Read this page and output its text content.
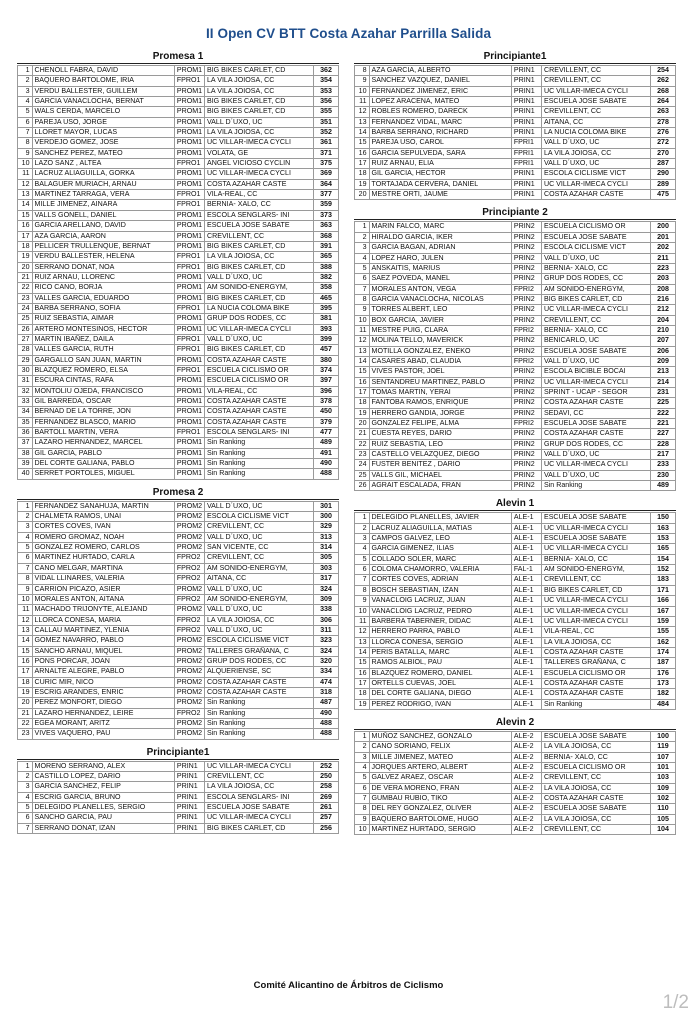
II Open CV BTT Costa Azahar Parrilla Salida
Promesa 1
1	CHENOLL FABRA, DAVID	PROM1	BIG BIKES CARLET, CD	362
2	BAQUERO BARTOLOME, IRIA	FPRO1	LA VILA JOIOSA, CC	354
3	VERDU BALLESTER, GUILLEM	PROM1	LA VILA JOIOSA, CC	353
4	GARCIA VANACLOCHA, BERNAT	PROM1	BIG BIKES CARLET, CD	356
5	WALS CERDA, MARCELO	PROM1	BIG BIKES CARLET, CD	355
6	PAREJA USO, JORGE	PROM1	VALL D´UXO, UC	351
7	LLORET MAYOR, LUCAS	PROM1	LA VILA JOIOSA, CC	352
8	VERDEJO GOMEZ, JOSE	PROM1	UC VILLAR-IMECA CYCLI	361
9	SANCHEZ PEREZ, MATEO	PROM1	VOLATA, GE	371
10	LAZO SANZ , ALTEA	FPRO1	ANGEL VICIOSO CYCLIN	375
11	LACRUZ ALIAGUILLA, GORKA	PROM1	UC VILLAR-IMECA CYCLI	369
12	BALAGUER MURIACH, ARNAU	PROM1	COSTA AZAHAR CASTE	364
13	MARTINEZ TARRAGA, VERA	FPRO1	VILA-REAL, CC	377
14	MILLE JIMENEZ, AINARA	FPRO1	BERNIA- XALO, CC	359
15	VALLS GONELL, DANIEL	PROM1	ESCOLA SENGLARS- INI	373
16	GARCIA ARELLANO, DAVID	PROM1	ESCUELA JOSE SABATE	363
17	AZA GARCIA, AARON	PROM1	CREVILLENT, CC	368
18	PELLICER TRULLENQUE, BERNAT	PROM1	BIG BIKES CARLET, CD	391
19	VERDU BALLESTER, HELENA	FPRO1	LA VILA JOIOSA, CC	365
20	SERRANO DONAT, NOA	FPRO1	BIG BIKES CARLET, CD	388
21	RUIZ ARNAU, LLORENC	PROM1	VALL D´UXO, UC	382
22	RICO CANO, BORJA	PROM1	AM SONIDO-ENERGYM,	358
23	VALLES GARCIA, EDUARDO	PROM1	BIG BIKES CARLET, CD	465
24	BARBA SERRANO, SOFIA	FPRO1	LA NUCIA COLOMA BIKE	395
25	RUIZ SEBASTIA, AIMAR	PROM1	GRUP DOS RODES, CC	381
26	ARTERO MONTESINOS, HECTOR	PROM1	UC VILLAR-IMECA CYCLI	393
27	MARTIN IBAÑEZ, DAILA	FPRO1	VALL D´UXO, UC	399
28	VALLES GARCIA, RUTH	FPRO1	BIG BIKES CARLET, CD	457
29	GARGALLO SAN JUAN, MARTIN	PROM1	COSTA AZAHAR CASTE	380
30	BLAZQUEZ ROMERO, ELSA	FPRO1	ESCUELA CICLISMO OR	374
31	ESCURA CINTAS, RAFA	PROM1	ESCUELA CICLISMO OR	397
32	MONTOLIU OJEDA, FRANCISCO	PROM1	VILA-REAL, CC	396
33	GIL BARREDA, OSCAR	PROM1	COSTA AZAHAR CASTE	378
34	BERNAD DE LA TORRE, JON	PROM1	COSTA AZAHAR CASTE	450
35	FERNANDEZ BLASCO, MARIO	PROM1	COSTA AZAHAR CASTE	379
36	BARTOLL MARTIN, VERA	FPRO1	ESCOLA SENGLARS- INI	477
37	LAZARO HERNANDEZ, MARCEL	PROM1	Sin Ranking	489
38	GIL GARCIA, PABLO	PROM1	Sin Ranking	491
39	DEL CORTE GALIANA, PABLO	PROM1	Sin Ranking	490
40	SERRET PORTOLES, MIGUEL	PROM1	Sin Ranking	488
Promesa 2
1	FERNANDEZ SANAHUJA, MARTIN	PROM2	VALL D´UXO, UC	301
2	CHALMETA RAMOS, UNAI	PROM2	ESCOLA CICLISME VICT	300
3	CORTES COVES, IVAN	PROM2	CREVILLENT, CC	329
4	ROMERO GROMAZ, NOAH	PROM2	VALL D´UXO, UC	313
5	GONZALEZ ROMERO, CARLOS	PROM2	SAN VICENTE, CC	314
6	MARTINEZ HURTADO, CARLA	FPRO2	CREVILLENT, CC	305
7	CANO MELGAR, MARTINA	FPRO2	AM SONIDO-ENERGYM,	303
8	VIDAL LLINARES, VALERIA	FPRO2	AITANA, CC	317
9	CARRION PICAZO, ASIER	PROM2	VALL D´UXO, UC	324
10	MORALES ANTON, AITANA	FPRO2	AM SONIDO-ENERGYM,	309
11	MACHADO TRIJONYTE, ALEJAND	PROM2	VALL D´UXO, UC	338
12	LLORCA CONESA, MARIA	FPRO2	LA VILA JOIOSA, CC	306
13	CALLAU MARTINEZ, YLENIA	FPRO2	VALL D´UXO, UC	311
14	GOMEZ NAVARRO, PABLO	PROM2	ESCOLA CICLISME VICT	323
15	SANCHO ARNAU, MIQUEL	PROM2	TALLERES GRAÑANA, C	324
16	PONS PORCAR, JOAN	PROM2	GRUP DOS RODES, CC	320
17	ARNALTE ALEGRE, PABLO	PROM2	ALQUERIENSE, SC	334
18	CURIC MIR, NICO	PROM2	COSTA AZAHAR CASTE	474
19	ESCRIG ARANDES, ENRIC	PROM2	COSTA AZAHAR CASTE	318
20	PEREZ MONFORT, DIEGO	PROM2	Sin Ranking	487
21	LAZARO HERNANDEZ, LEIRE	FPRO2	Sin Ranking	490
22	EGEA MORANT, ARITZ	PROM2	Sin Ranking	488
23	VIVES VAQUERO, PAU	PROM2	Sin Ranking	488
Principiante1
1	MORENO SERRANO, ALEX	PRIN1	UC VILLAR-IMECA CYCLI	252
2	CASTILLO LOPEZ, DARIO	PRIN1	CREVILLENT, CC	250
3	GARCIA SANCHEZ, FELIP	PRIN1	LA VILA JOIOSA, CC	258
4	ESCRIG GARCIA, BRUNO	PRIN1	ESCOLA SENGLARS- INI	269
5	DELEGIDO PLANELLES, SERGIO	PRIN1	ESCUELA JOSE SABATE	261
6	SANCHO GARCIA, PAU	PRIN1	UC VILLAR-IMECA CYCLI	257
7	SERRANO DONAT, IZAN	PRIN1	BIG BIKES CARLET, CD	256
Principiante1
8	AZA GARCIA, ALBERTO	PRIN1	CREVILLENT, CC	254
9	SANCHEZ VAZQUEZ, DANIEL	PRIN1	CREVILLENT, CC	262
10	FERNANDEZ JIMENEZ, ERIC	PRIN1	UC VILLAR-IMECA CYCLI	268
11	LOPEZ ARACENA, MATEO	PRIN1	ESCUELA JOSE SABATE	264
12	ROBLES ROMERO, DARECK	PRIN1	CREVILLENT, CC	263
13	FERNANDEZ VIDAL, MARC	PRIN1	AITANA, CC	278
14	BARBA SERRANO, RICHARD	PRIN1	LA NUCIA COLOMA BIKE	276
15	PAREJA USO, CAROL	FPRI1	VALL D´UXO, UC	272
16	GARCIA SEPULVEDA, SARA	FPRI1	LA VILA JOIOSA, CC	270
17	RUIZ ARNAU, ELIA	FPRI1	VALL D´UXO, UC	287
18	GIL GARCIA, HECTOR	PRIN1	ESCOLA CICLISME VICT	290
19	TORTAJADA CERVERA, DANIEL	PRIN1	UC VILLAR-IMECA CYCLI	289
20	MESTRE ORTI, JAUME	PRIN1	COSTA AZAHAR CASTE	475
Principiante 2
1	MARIN FALCO, MARC	PRIN2	ESCUELA CICLISMO OR	200
2	HIRALDO GARCIA, IKER	PRIN2	ESCUELA JOSE SABATE	201
3	GARCIA BAGAN, ADRIAN	PRIN2	ESCOLA CICLISME VICT	202
4	LOPEZ HARO, JULEN	PRIN2	VALL D´UXO, UC	211
5	ANSKAITIS, MARIUS	PRIN2	BERNIA- XALO, CC	223
6	SAEZ POVEDA, MANEL	PRIN2	GRUP DOS RODES, CC	203
7	MORALES ANTON, VEGA	FPRI2	AM SONIDO-ENERGYM,	208
8	GARCIA VANACLOCHA, NICOLAS	PRIN2	BIG BIKES CARLET, CD	216
9	TORRES ALBERT, LEO	PRIN2	UC VILLAR-IMECA CYCLI	212
10	BOX GARCIA, JAVIER	PRIN2	CREVILLENT, CC	204
11	MESTRE PUIG, CLARA	FPRI2	BERNIA- XALO, CC	210
12	MOLINA TELLO, MAVERICK	PRIN2	BENICARLO, UC	207
13	MOTILLA GONZALEZ, ENEKO	PRIN2	ESCUELA JOSE SABATE	206
14	CASARES ABAD, CLAUDIA	FPRI2	VALL D´UXO, UC	209
15	VIVES PASTOR, JOEL	PRIN2	ESCOLA BICIBLE BOCAI	213
16	SENTANDREU MARTINEZ, PABLO	PRIN2	UC VILLAR-IMECA CYCLI	214
17	TOMAS MARTIN, YERAI	PRIN2	SPRINT - UCAP - SEGOR	231
18	FANTOBA RAMOS, ENRIQUE	PRIN2	COSTA AZAHAR CASTE	225
19	HERRERO GANDIA, JORGE	PRIN2	SEDAVI, CC	222
20	GONZALEZ FELIPE, ALMA	FPRI2	ESCUELA JOSE SABATE	221
21	CUESTA REYES, DARIO	PRIN2	COSTA AZAHAR CASTE	227
22	RUIZ SEBASTIA, LEO	PRIN2	GRUP DOS RODES, CC	228
23	CASTELLO VELAZQUEZ, DIEGO	PRIN2	VALL D´UXO, UC	217
24	FUSTER BENITEZ , DARIO	PRIN2	UC VILLAR-IMECA CYCLI	233
25	VALLS GIL, MICHAEL	PRIN2	VALL D´UXO, UC	230
26	AGRAIT ESCALADA, FRAN	PRIN2	Sin Ranking	489
Alevin 1
1	DELEGIDO PLANELLES, JAVIER	ALE-1	ESCUELA JOSE SABATE	150
2	LACRUZ ALIAGUILLA, MATIAS	ALE-1	UC VILLAR-IMECA CYCLI	163
3	CAMPOS GALVEZ, LEO	ALE-1	ESCUELA JOSE SABATE	153
4	GARCIA GIMENEZ, ILIAS	ALE-1	UC VILLAR-IMECA CYCLI	165
5	COLLADO SOLER, MARC	ALE-1	BERNIA- XALO, CC	154
6	COLOMA CHAMORRO, VALERIA	FAL-1	AM SONIDO-ENERGYM,	152
7	CORTES COVES, ADRIAN	ALE-1	CREVILLENT, CC	183
8	BOSCH SEBASTIAN, IZAN	ALE-1	BIG BIKES CARLET, CD	171
9	VANACLOIG LACRUZ, JUAN	ALE-1	UC VILLAR-IMECA CYCLI	166
10	VANACLOIG LACRUZ, PEDRO	ALE-1	UC VILLAR-IMECA CYCLI	167
11	BARBERA TABERNER, DIDAC	ALE-1	UC VILLAR-IMECA CYCLI	159
12	HERRERO PARRA, PABLO	ALE-1	VILA-REAL, CC	155
13	LLORCA CONESA, SERGIO	ALE-1	LA VILA JOIOSA, CC	162
14	PERIS BATALLA, MARC	ALE-1	COSTA AZAHAR CASTE	174
15	RAMOS ALBIOL, PAU	ALE-1	TALLERES GRAÑANA, C	187
16	BLAZQUEZ ROMERO, DANIEL	ALE-1	ESCUELA CICLISMO OR	176
17	ORTELLS CUEVAS, JOEL	ALE-1	COSTA AZAHAR CASTE	173
18	DEL CORTE GALIANA, DIEGO	ALE-1	COSTA AZAHAR CASTE	182
19	PEREZ RODRIGO, IVAN	ALE-1	Sin Ranking	484
Alevin 2
1	MUÑOZ SANCHEZ, GONZALO	ALE-2	ESCUELA JOSE SABATE	100
2	CANO SORIANO, FELIX	ALE-2	LA VILA JOIOSA, CC	119
3	MILLE JIMENEZ, MATEO	ALE-2	BERNIA- XALO, CC	107
4	JORQUES ARTERO, ALBERT	ALE-2	ESCUELA CICLISMO OR	101
5	GALVEZ ARAEZ, OSCAR	ALE-2	CREVILLENT, CC	103
6	DE VERA MORENO, FRAN	ALE-2	LA VILA JOIOSA, CC	109
7	GUMBAU RUBIO, TIKO	ALE-2	COSTA AZAHAR CASTE	102
8	DEL REY GONZALEZ, OLIVER	ALE-2	ESCUELA JOSE SABATE	110
9	BAQUERO BARTOLOME, HUGO	ALE-2	LA VILA JOIOSA, CC	105
10	MARTINEZ HURTADO, SERGIO	ALE-2	CREVILLENT, CC	104
Comité Alicantino de Árbitros de Ciclismo
1/2
